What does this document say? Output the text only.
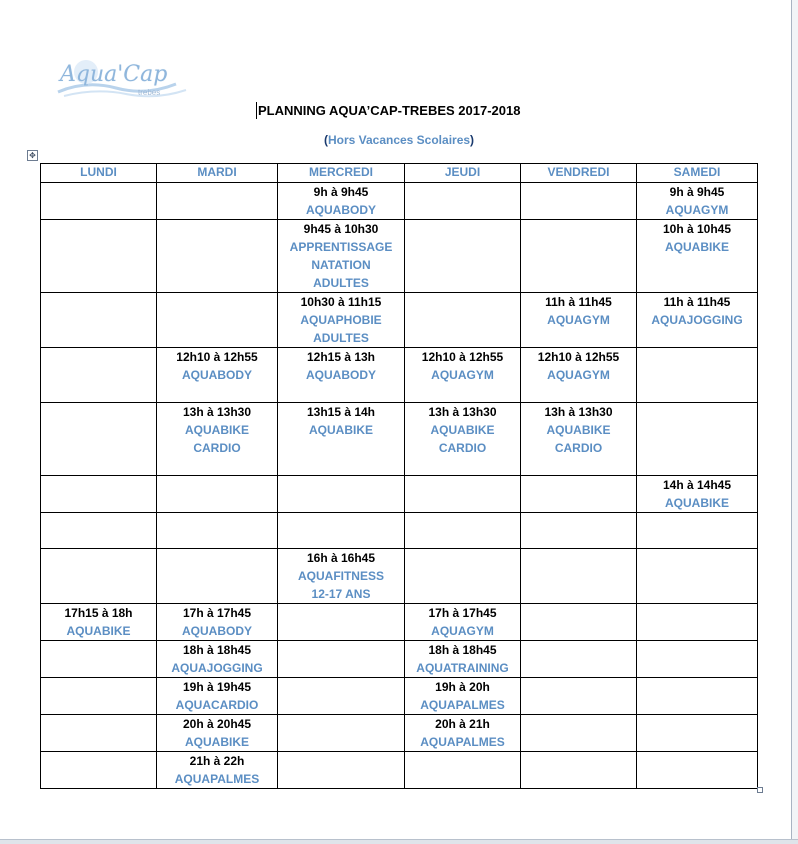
Aqua'Cap
trebes
PLANNING AQUA’CAP-TREBES 2017-2018
(Hors Vacances Scolaires)
✥
LUNDI	MARDI	MERCREDI	JEUDI	VENDREDI	SAMEDI

		9h à 9h45
AQUABODY			9h à 9h45
AQUAGYM

		9h45 à 10h30
APPRENTISSAGE
NATATION
ADULTES			10h à 10h45
AQUABIKE

		10h30 à 11h15
AQUAPHOBIE
ADULTES		11h à 11h45
AQUAGYM	11h à 11h45
AQUAJOGGING

	12h10 à 12h55
AQUABODY	12h15 à 13h
AQUABODY	12h10 à 12h55
AQUAGYM	12h10 à 12h55
AQUAGYM	

	13h à 13h30
AQUABIKE
CARDIO	13h15 à 14h
AQUABIKE	13h à 13h30
AQUABIKE
CARDIO	13h à 13h30
AQUABIKE
CARDIO	

					14h à 14h45
AQUABIKE

		16h à 16h45
AQUAFITNESS
12-17 ANS			

17h15 à 18h
AQUABIKE	17h à 17h45
AQUABODY		17h à 17h45
AQUAGYM		

	18h à 18h45
AQUAJOGGING		18h à 18h45
AQUATRAINING		

	19h à 19h45
AQUACARDIO		19h à 20h
AQUAPALMES		

	20h à 20h45
AQUABIKE		20h à 21h
AQUAPALMES		

	21h à 22h
AQUAPALMES				
